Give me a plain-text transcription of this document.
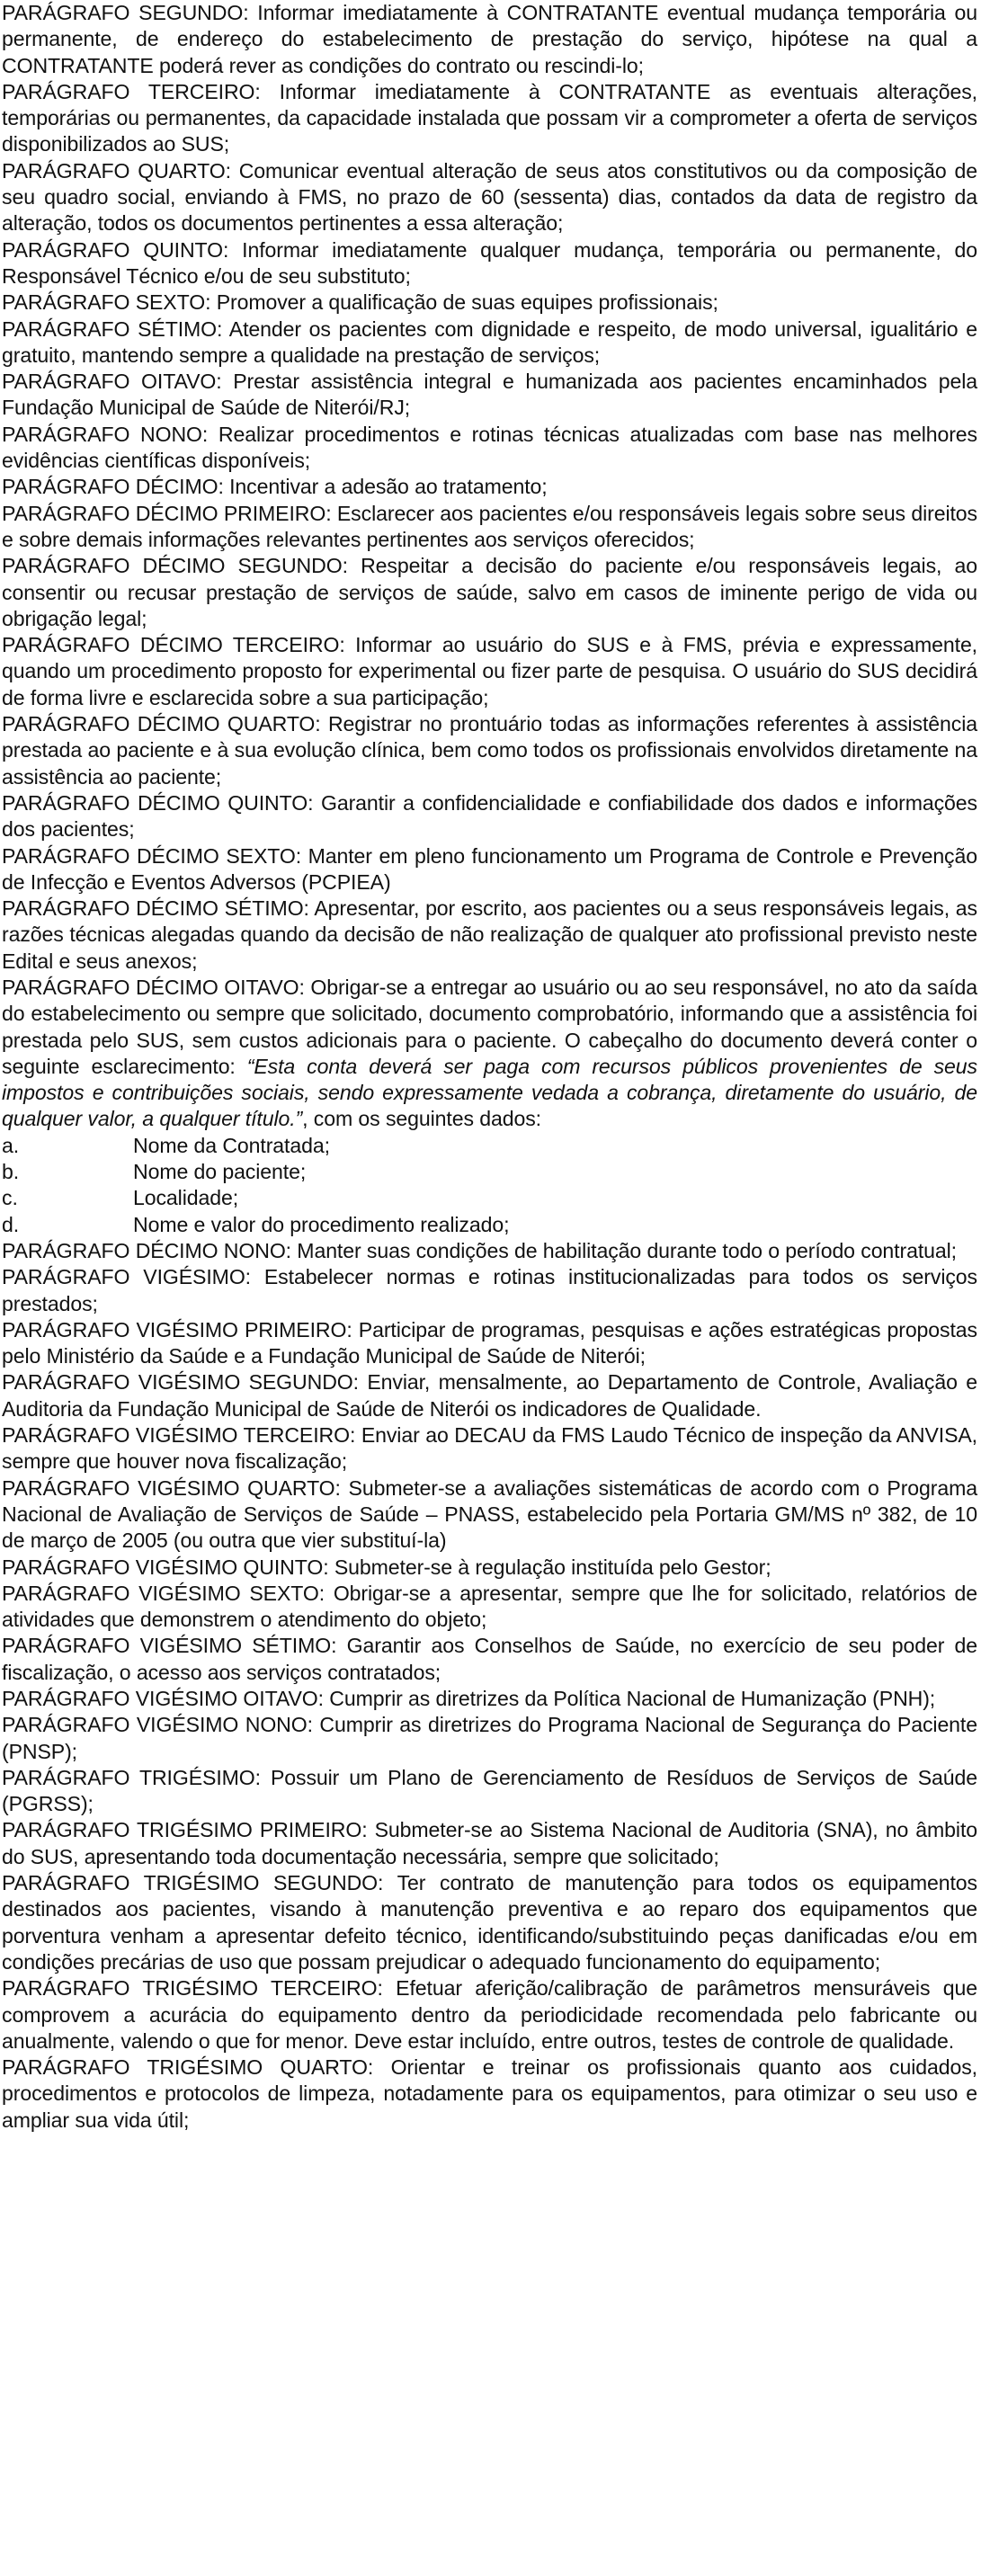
PARÁGRAFO SEGUNDO: Informar imediatamente à CONTRATANTE eventual mudança temporária ou permanente, de endereço do estabelecimento de prestação do serviço, hipótese na qual a CONTRATANTE poderá rever as condições do contrato ou rescindi-lo;

PARÁGRAFO TERCEIRO: Informar imediatamente à CONTRATANTE as eventuais alterações, temporárias ou permanentes, da capacidade instalada que possam vir a comprometer a oferta de serviços disponibilizados ao SUS;

PARÁGRAFO QUARTO: Comunicar eventual alteração de seus atos constitutivos ou da composição de seu quadro social, enviando à FMS, no prazo de 60 (sessenta) dias, contados da data de registro da alteração, todos os documentos pertinentes a essa alteração;

PARÁGRAFO QUINTO: Informar imediatamente qualquer mudança, temporária ou permanente, do Responsável Técnico e/ou de seu substituto;

PARÁGRAFO SEXTO: Promover a qualificação de suas equipes profissionais;

PARÁGRAFO SÉTIMO: Atender os pacientes com dignidade e respeito, de modo universal, igualitário e gratuito, mantendo sempre a qualidade na prestação de serviços;

PARÁGRAFO OITAVO: Prestar assistência integral e humanizada aos pacientes encaminhados pela Fundação Municipal de Saúde de Niterói/RJ;

PARÁGRAFO NONO: Realizar procedimentos e rotinas técnicas atualizadas com base nas melhores evidências científicas disponíveis;

PARÁGRAFO DÉCIMO: Incentivar a adesão ao tratamento;

PARÁGRAFO DÉCIMO PRIMEIRO: Esclarecer aos pacientes e/ou responsáveis legais sobre seus direitos e sobre demais informações relevantes pertinentes aos serviços oferecidos;

PARÁGRAFO DÉCIMO SEGUNDO: Respeitar a decisão do paciente e/ou responsáveis legais, ao consentir ou recusar prestação de serviços de saúde, salvo em casos de iminente perigo de vida ou obrigação legal;

PARÁGRAFO DÉCIMO TERCEIRO: Informar ao usuário do SUS e à FMS, prévia e expressamente, quando um procedimento proposto for experimental ou fizer parte de pesquisa. O usuário do SUS decidirá de forma livre e esclarecida sobre a sua participação;

PARÁGRAFO DÉCIMO QUARTO: Registrar no prontuário todas as informações referentes à assistência prestada ao paciente e à sua evolução clínica, bem como todos os profissionais envolvidos diretamente na assistência ao paciente;

PARÁGRAFO DÉCIMO QUINTO: Garantir a confidencialidade e confiabilidade dos dados e informações dos pacientes;

PARÁGRAFO DÉCIMO SEXTO: Manter em pleno funcionamento um Programa de Controle e Prevenção de Infecção e Eventos Adversos (PCPIEA)

PARÁGRAFO DÉCIMO SÉTIMO: Apresentar, por escrito, aos pacientes ou a seus responsáveis legais, as razões técnicas alegadas quando da decisão de não realização de qualquer ato profissional previsto neste Edital e seus anexos;

PARÁGRAFO DÉCIMO OITAVO: Obrigar-se a entregar ao usuário ou ao seu responsável, no ato da saída do estabelecimento ou sempre que solicitado, documento comprobatório, informando que a assistência foi prestada pelo SUS, sem custos adicionais para o paciente. O cabeçalho do documento deverá conter o seguinte esclarecimento: “Esta conta deverá ser paga com recursos públicos provenientes de seus impostos e contribuições sociais, sendo expressamente vedada a cobrança, diretamente do usuário, de qualquer valor, a qualquer título.”, com os seguintes dados:

a.	Nome da Contratada;
b.	Nome do paciente;
c.	Localidade;
d.	Nome e valor do procedimento realizado;

PARÁGRAFO DÉCIMO NONO: Manter suas condições de habilitação durante todo o período contratual;

PARÁGRAFO VIGÉSIMO: Estabelecer normas e rotinas institucionalizadas para todos os serviços prestados;

PARÁGRAFO VIGÉSIMO PRIMEIRO: Participar de programas, pesquisas e ações estratégicas propostas pelo Ministério da Saúde e a Fundação Municipal de Saúde de Niterói;

PARÁGRAFO VIGÉSIMO SEGUNDO: Enviar, mensalmente, ao Departamento de Controle, Avaliação e Auditoria da Fundação Municipal de Saúde de Niterói os indicadores de Qualidade.

PARÁGRAFO VIGÉSIMO TERCEIRO: Enviar ao DECAU da FMS Laudo Técnico de inspeção da ANVISA, sempre que houver nova fiscalização;

PARÁGRAFO VIGÉSIMO QUARTO: Submeter-se a avaliações sistemáticas de acordo com o Programa Nacional de Avaliação de Serviços de Saúde – PNASS, estabelecido pela Portaria GM/MS nº 382, de 10 de março de 2005 (ou outra que vier substituí-la)

PARÁGRAFO VIGÉSIMO QUINTO: Submeter-se à regulação instituída pelo Gestor;

PARÁGRAFO VIGÉSIMO SEXTO: Obrigar-se a apresentar, sempre que lhe for solicitado, relatórios de atividades que demonstrem o atendimento do objeto;

PARÁGRAFO VIGÉSIMO SÉTIMO: Garantir aos Conselhos de Saúde, no exercício de seu poder de fiscalização, o acesso aos serviços contratados;

PARÁGRAFO VIGÉSIMO OITAVO: Cumprir as diretrizes da Política Nacional de Humanização (PNH);

PARÁGRAFO VIGÉSIMO NONO: Cumprir as diretrizes do Programa Nacional de Segurança do Paciente (PNSP);

PARÁGRAFO TRIGÉSIMO: Possuir um Plano de Gerenciamento de Resíduos de Serviços de Saúde (PGRSS);

PARÁGRAFO TRIGÉSIMO PRIMEIRO: Submeter-se ao Sistema Nacional de Auditoria (SNA), no âmbito do SUS, apresentando toda documentação necessária, sempre que solicitado;

PARÁGRAFO TRIGÉSIMO SEGUNDO: Ter contrato de manutenção para todos os equipamentos destinados aos pacientes, visando à manutenção preventiva e ao reparo dos equipamentos que porventura venham a apresentar defeito técnico, identificando/substituindo peças danificadas e/ou em condições precárias de uso que possam prejudicar o adequado funcionamento do equipamento;

PARÁGRAFO TRIGÉSIMO TERCEIRO: Efetuar aferição/calibração de parâmetros mensuráveis que comprovem a acurácia do equipamento dentro da periodicidade recomendada pelo fabricante ou anualmente, valendo o que for menor. Deve estar incluído, entre outros, testes de controle de qualidade.

PARÁGRAFO TRIGÉSIMO QUARTO: Orientar e treinar os profissionais quanto aos cuidados, procedimentos e protocolos de limpeza, notadamente para os equipamentos, para otimizar o seu uso e ampliar sua vida útil;
